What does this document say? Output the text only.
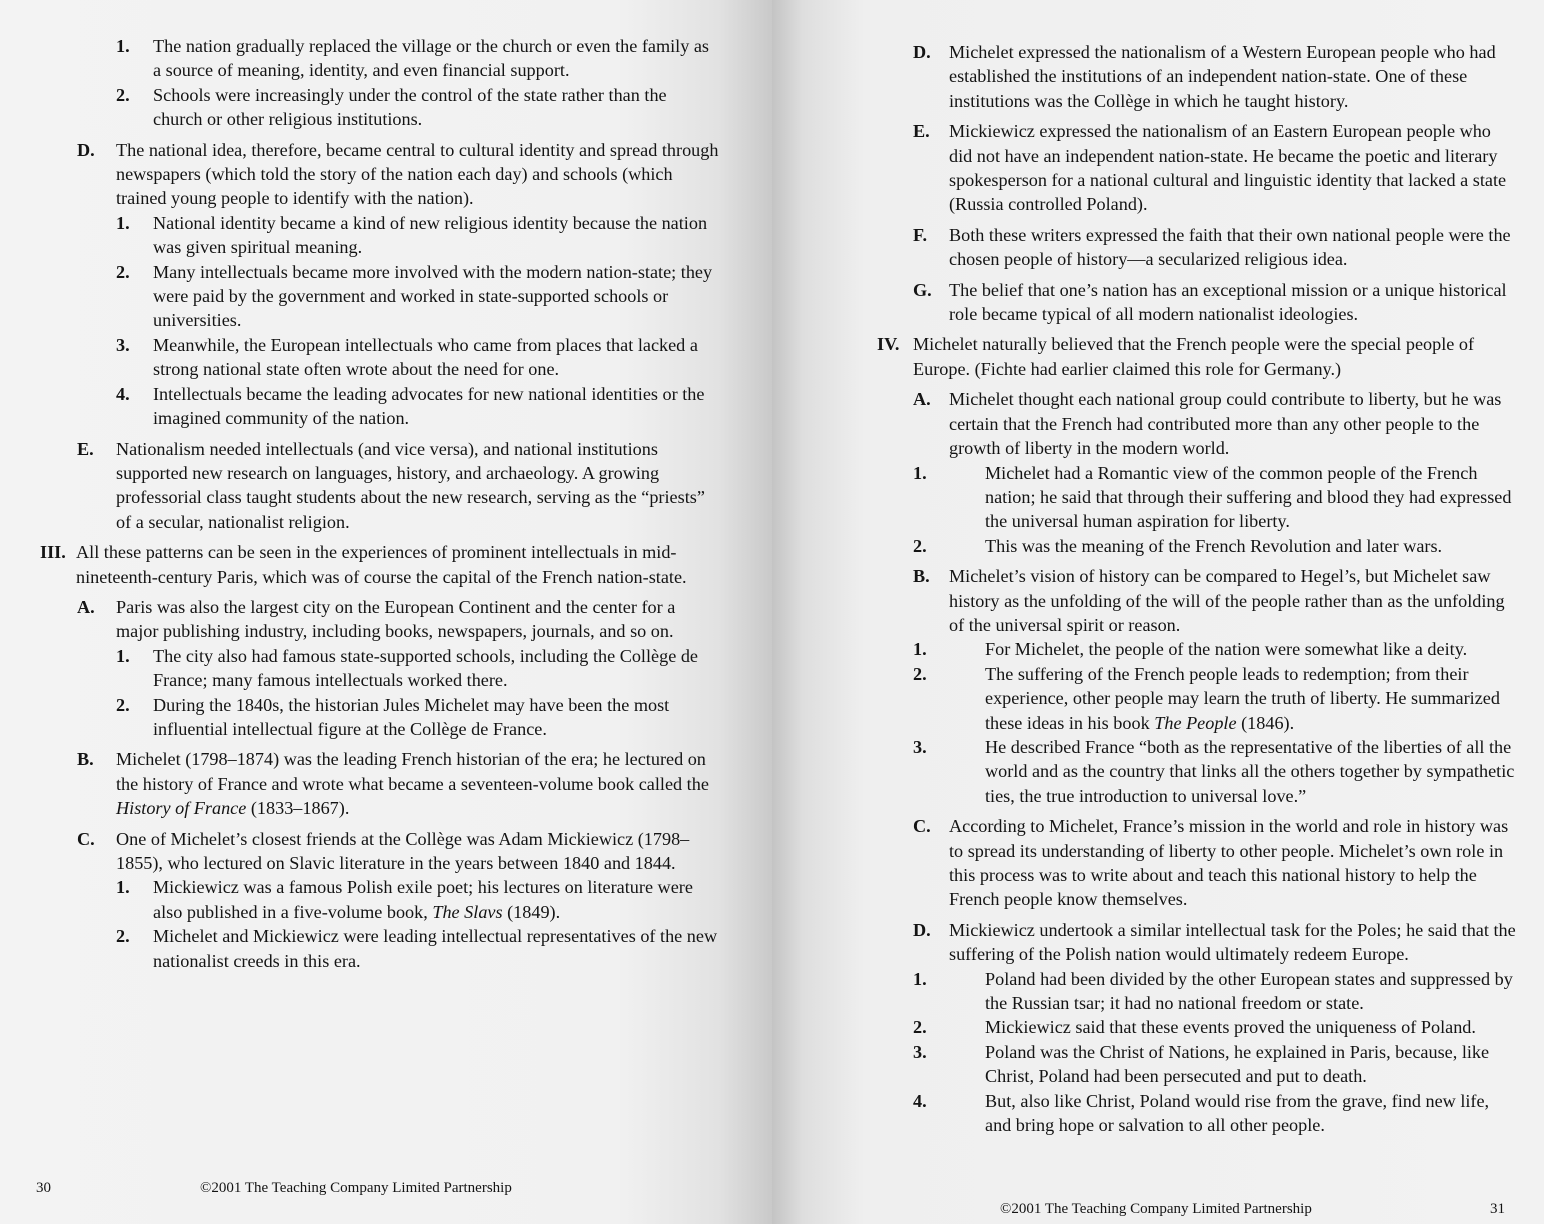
1. The nation gradually replaced the village or the church or even the family as a source of meaning, identity, and even financial support.
2. Schools were increasingly under the control of the state rather than the church or other religious institutions.
D. The national idea, therefore, became central to cultural identity and spread through newspapers (which told the story of the nation each day) and schools (which trained young people to identify with the nation).
1. National identity became a kind of new religious identity because the nation was given spiritual meaning.
2. Many intellectuals became more involved with the modern nation-state; they were paid by the government and worked in state-supported schools or universities.
3. Meanwhile, the European intellectuals who came from places that lacked a strong national state often wrote about the need for one.
4. Intellectuals became the leading advocates for new national identities or the imagined community of the nation.
E. Nationalism needed intellectuals (and vice versa), and national institutions supported new research on languages, history, and archaeology. A growing professorial class taught students about the new research, serving as the “priests” of a secular, nationalist religion.
III. All these patterns can be seen in the experiences of prominent intellectuals in mid-nineteenth-century Paris, which was of course the capital of the French nation-state.
A. Paris was also the largest city on the European Continent and the center for a major publishing industry, including books, newspapers, journals, and so on.
1. The city also had famous state-supported schools, including the Collège de France; many famous intellectuals worked there.
2. During the 1840s, the historian Jules Michelet may have been the most influential intellectual figure at the Collège de France.
B. Michelet (1798–1874) was the leading French historian of the era; he lectured on the history of France and wrote what became a seventeen-volume book called the History of France (1833–1867).
C. One of Michelet’s closest friends at the Collège was Adam Mickiewicz (1798–1855), who lectured on Slavic literature in the years between 1840 and 1844.
1. Mickiewicz was a famous Polish exile poet; his lectures on literature were also published in a five-volume book, The Slavs (1849).
2. Michelet and Mickiewicz were leading intellectual representatives of the new nationalist creeds in this era.
30	©2001 The Teaching Company Limited Partnership
D. Michelet expressed the nationalism of a Western European people who had established the institutions of an independent nation-state. One of these institutions was the Collège in which he taught history.
E. Mickiewicz expressed the nationalism of an Eastern European people who did not have an independent nation-state. He became the poetic and literary spokesperson for a national cultural and linguistic identity that lacked a state (Russia controlled Poland).
F. Both these writers expressed the faith that their own national people were the chosen people of history—a secularized religious idea.
G. The belief that one’s nation has an exceptional mission or a unique historical role became typical of all modern nationalist ideologies.
IV. Michelet naturally believed that the French people were the special people of Europe. (Fichte had earlier claimed this role for Germany.)
A. Michelet thought each national group could contribute to liberty, but he was certain that the French had contributed more than any other people to the growth of liberty in the modern world.
1.	Michelet had a Romantic view of the common people of the French nation; he said that through their suffering and blood they had expressed the universal human aspiration for liberty.
2.	This was the meaning of the French Revolution and later wars.
B. Michelet’s vision of history can be compared to Hegel’s, but Michelet saw history as the unfolding of the will of the people rather than as the unfolding of the universal spirit or reason.
1.	For Michelet, the people of the nation were somewhat like a deity.
2.	The suffering of the French people leads to redemption; from their experience, other people may learn the truth of liberty. He summarized these ideas in his book The People (1846).
3.	He described France “both as the representative of the liberties of all the world and as the country that links all the others together by sympathetic ties, the true introduction to universal love.”
C. According to Michelet, France’s mission in the world and role in history was to spread its understanding of liberty to other people. Michelet’s own role in this process was to write about and teach this national history to help the French people know themselves.
D. Mickiewicz undertook a similar intellectual task for the Poles; he said that the suffering of the Polish nation would ultimately redeem Europe.
1.	Poland had been divided by the other European states and suppressed by the Russian tsar; it had no national freedom or state.
2.	Mickiewicz said that these events proved the uniqueness of Poland.
3.	Poland was the Christ of Nations, he explained in Paris, because, like Christ, Poland had been persecuted and put to death.
4.	But, also like Christ, Poland would rise from the grave, find new life, and bring hope or salvation to all other people.
©2001 The Teaching Company Limited Partnership	31
